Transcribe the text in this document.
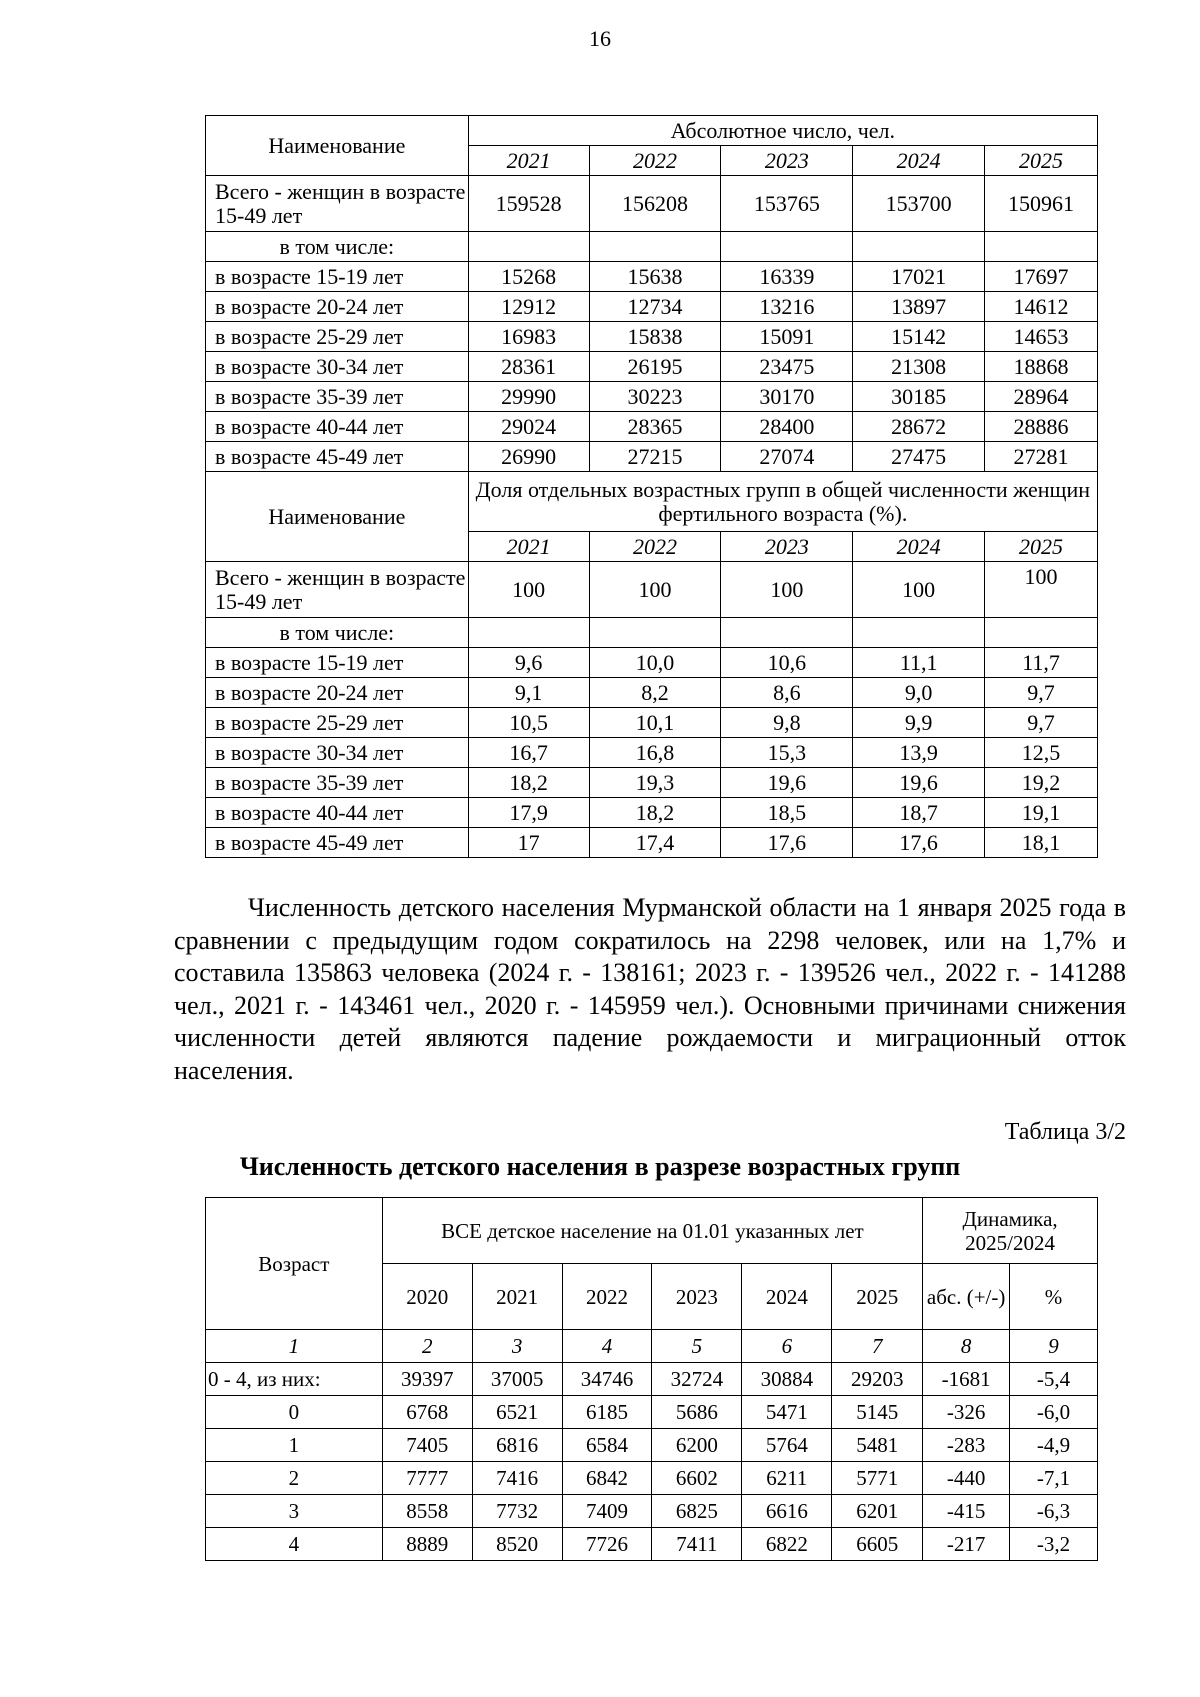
16
Наименование	Абсолютное число, чел.				
	2021	2022	2023	2024	2025
Всего - женщин в возрасте 15-49 лет	159528	156208	153765	153700	150961
в том числе:					
в возрасте 15-19 лет	15268	15638	16339	17021	17697
в возрасте 20-24 лет	12912	12734	13216	13897	14612
в возрасте 25-29 лет	16983	15838	15091	15142	14653
в возрасте 30-34 лет	28361	26195	23475	21308	18868
в возрасте 35-39 лет	29990	30223	30170	30185	28964
в возрасте 40-44 лет	29024	28365	28400	28672	28886
в возрасте 45-49 лет	26990	27215	27074	27475	27281
Наименование	Доля отдельных возрастных групп в общей численности женщин фертильного возраста (%).				
	2021	2022	2023	2024	2025
Всего - женщин в возрасте 15-49 лет	100	100	100	100	100
в том числе:					
в возрасте 15-19 лет	9,6	10,0	10,6	11,1	11,7
в возрасте 20-24 лет	9,1	8,2	8,6	9,0	9,7
в возрасте 25-29 лет	10,5	10,1	9,8	9,9	9,7
в возрасте 30-34 лет	16,7	16,8	15,3	13,9	12,5
в возрасте 35-39 лет	18,2	19,3	19,6	19,6	19,2
в возрасте 40-44 лет	17,9	18,2	18,5	18,7	19,1
в возрасте 45-49 лет	17	17,4	17,6	17,6	18,1

Численность детского населения Мурманской области на 1 января 2025 года в сравнении с предыдущим годом сократилось на 2298 человек, или на 1,7% и составила 135863 человека (2024 г. - 138161; 2023 г. - 139526 чел., 2022 г. - 141288 чел., 2021 г. - 143461 чел., 2020 г. - 145959 чел.). Основными причинами снижения численности детей являются падение рождаемости и миграционный отток населения.

Таблица 3/2
Численность детского населения в разрезе возрастных групп
Возраст	ВСЕ детское население на 01.01 указанных лет						Динамика, 2025/2024	
	2020	2021	2022	2023	2024	2025	абс. (+/-)	%
1	2	3	4	5	6	7	8	9
0 - 4, из них:	39397	37005	34746	32724	30884	29203	-1681	-5,4
0	6768	6521	6185	5686	5471	5145	-326	-6,0
1	7405	6816	6584	6200	5764	5481	-283	-4,9
2	7777	7416	6842	6602	6211	5771	-440	-7,1
3	8558	7732	7409	6825	6616	6201	-415	-6,3
4	8889	8520	7726	7411	6822	6605	-217	-3,2
